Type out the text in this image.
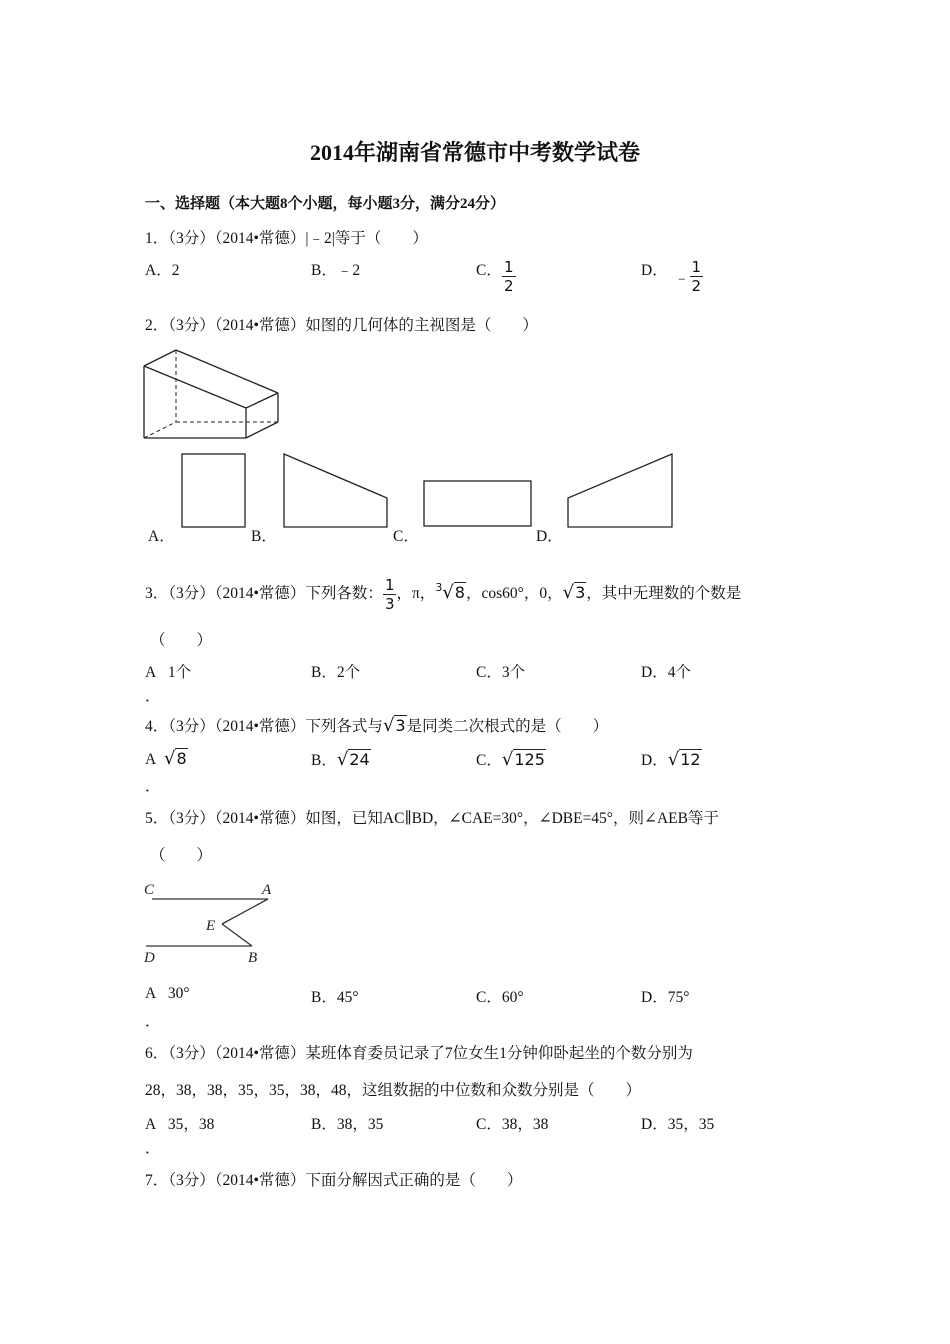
2014年湖南省常德市中考数学试卷
一、选择题（本大题8个小题，每小题3分，满分24分）
1．（3分）（2014•常德）|﹣2|等于（　　）
A．2	B．﹣2	C． $\frac{1}{2}$	D． ﹣ $\frac{1}{2}$
2．（3分）（2014•常德）如图的几何体的主视图是（　　）
A．	B．	C．	D．
3．（3分）（2014•常德）下列各数： $\frac{1}{3}$ ，π，$^3$√8，cos60°，0，√3，其中无理数的个数是
（　　）
A 1个
．
B．2个	C．3个	D．4个
4．（3分）（2014•常德）下列各式与√3是同类二次根式的是（　　）
A √8
．
B．√24	C．√125	D．√12
5．（3分）（2014•常德）如图，已知AC∥BD，∠CAE=30°，∠DBE=45°，则∠AEB等于
（　　）
C	A
E
D	B
A 30°
．
B．45°	C．60°	D．75°
6．（3分）（2014•常德）某班体育委员记录了7位女生1分钟仰卧起坐的个数分别为
28，38，38，35，35，38，48，这组数据的中位数和众数分别是（　　）
A 35，38
．
B．38，35	C．38，38	D．35，35
7．（3分）（2014•常德）下面分解因式正确的是（　　）
